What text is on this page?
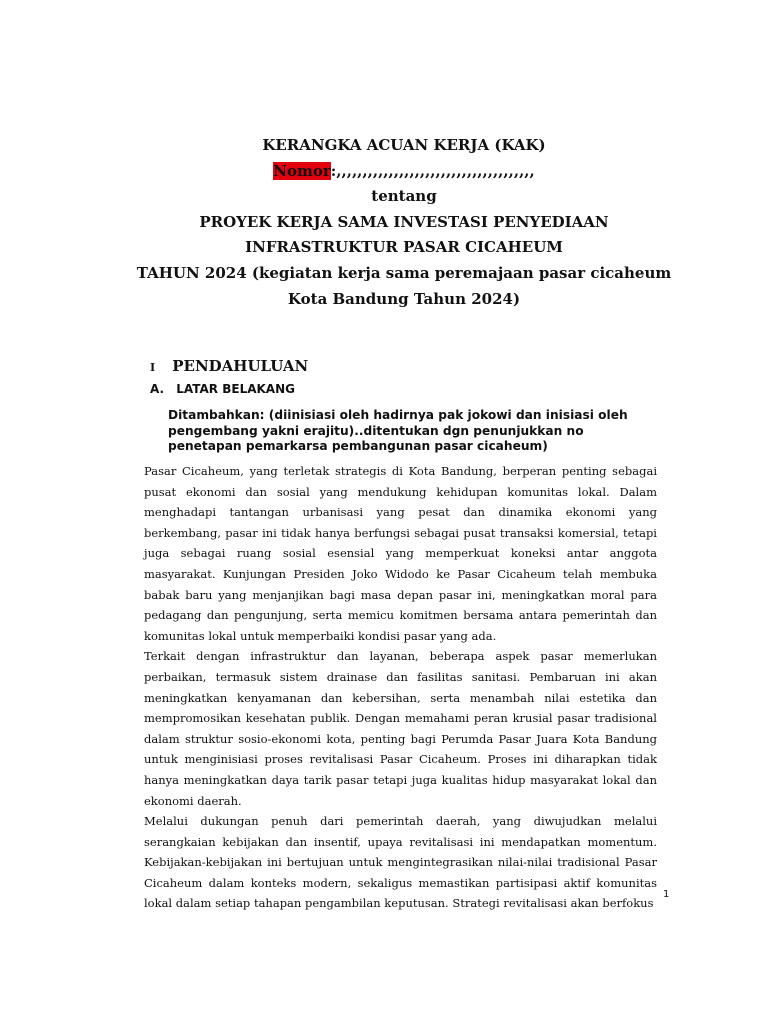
KERANGKA ACUAN KERJA (KAK)
Nomor:,,,,,,,,,,,,,,,,,,,,,,,,,,,,,,,,,,,,,,
tentang
PROYEK KERJA SAMA INVESTASI PENYEDIAAN
INFRASTRUKTUR PASAR CICAHEUM
TAHUN 2024 (kegiatan kerja sama peremajaan pasar cicaheum
Kota Bandung Tahun 2024)
I PENDAHULUAN
A. LATAR BELAKANG
Ditambahkan: (diinisiasi oleh hadirnya pak jokowi dan inisiasi oleh pengembang yakni erajitu)..ditentukan dgn penunjukkan no penetapan pemarkarsa pembangunan pasar cicaheum)

Pasar Cicaheum, yang terletak strategis di Kota Bandung, berperan penting sebagai pusat ekonomi dan sosial yang mendukung kehidupan komunitas lokal. Dalam menghadapi tantangan urbanisasi yang pesat dan dinamika ekonomi yang berkembang, pasar ini tidak hanya berfungsi sebagai pusat transaksi komersial, tetapi juga sebagai ruang sosial esensial yang memperkuat koneksi antar anggota masyarakat. Kunjungan Presiden Joko Widodo ke Pasar Cicaheum telah membuka babak baru yang menjanjikan bagi masa depan pasar ini, meningkatkan moral para pedagang dan pengunjung, serta memicu komitmen bersama antara pemerintah dan komunitas lokal untuk memperbaiki kondisi pasar yang ada.

Terkait dengan infrastruktur dan layanan, beberapa aspek pasar memerlukan perbaikan, termasuk sistem drainase dan fasilitas sanitasi. Pembaruan ini akan meningkatkan kenyamanan dan kebersihan, serta menambah nilai estetika dan mempromosikan kesehatan publik. Dengan memahami peran krusial pasar tradisional dalam struktur sosio-ekonomi kota, penting bagi Perumda Pasar Juara Kota Bandung untuk menginisiasi proses revitalisasi Pasar Cicaheum. Proses ini diharapkan tidak hanya meningkatkan daya tarik pasar tetapi juga kualitas hidup masyarakat lokal dan ekonomi daerah.

Melalui dukungan penuh dari pemerintah daerah, yang diwujudkan melalui serangkaian kebijakan dan insentif, upaya revitalisasi ini mendapatkan momentum. Kebijakan-kebijakan ini bertujuan untuk mengintegrasikan nilai-nilai tradisional Pasar Cicaheum dalam konteks modern, sekaligus memastikan partisipasi aktif komunitas lokal dalam setiap tahapan pengambilan keputusan. Strategi revitalisasi akan berfokus

1
